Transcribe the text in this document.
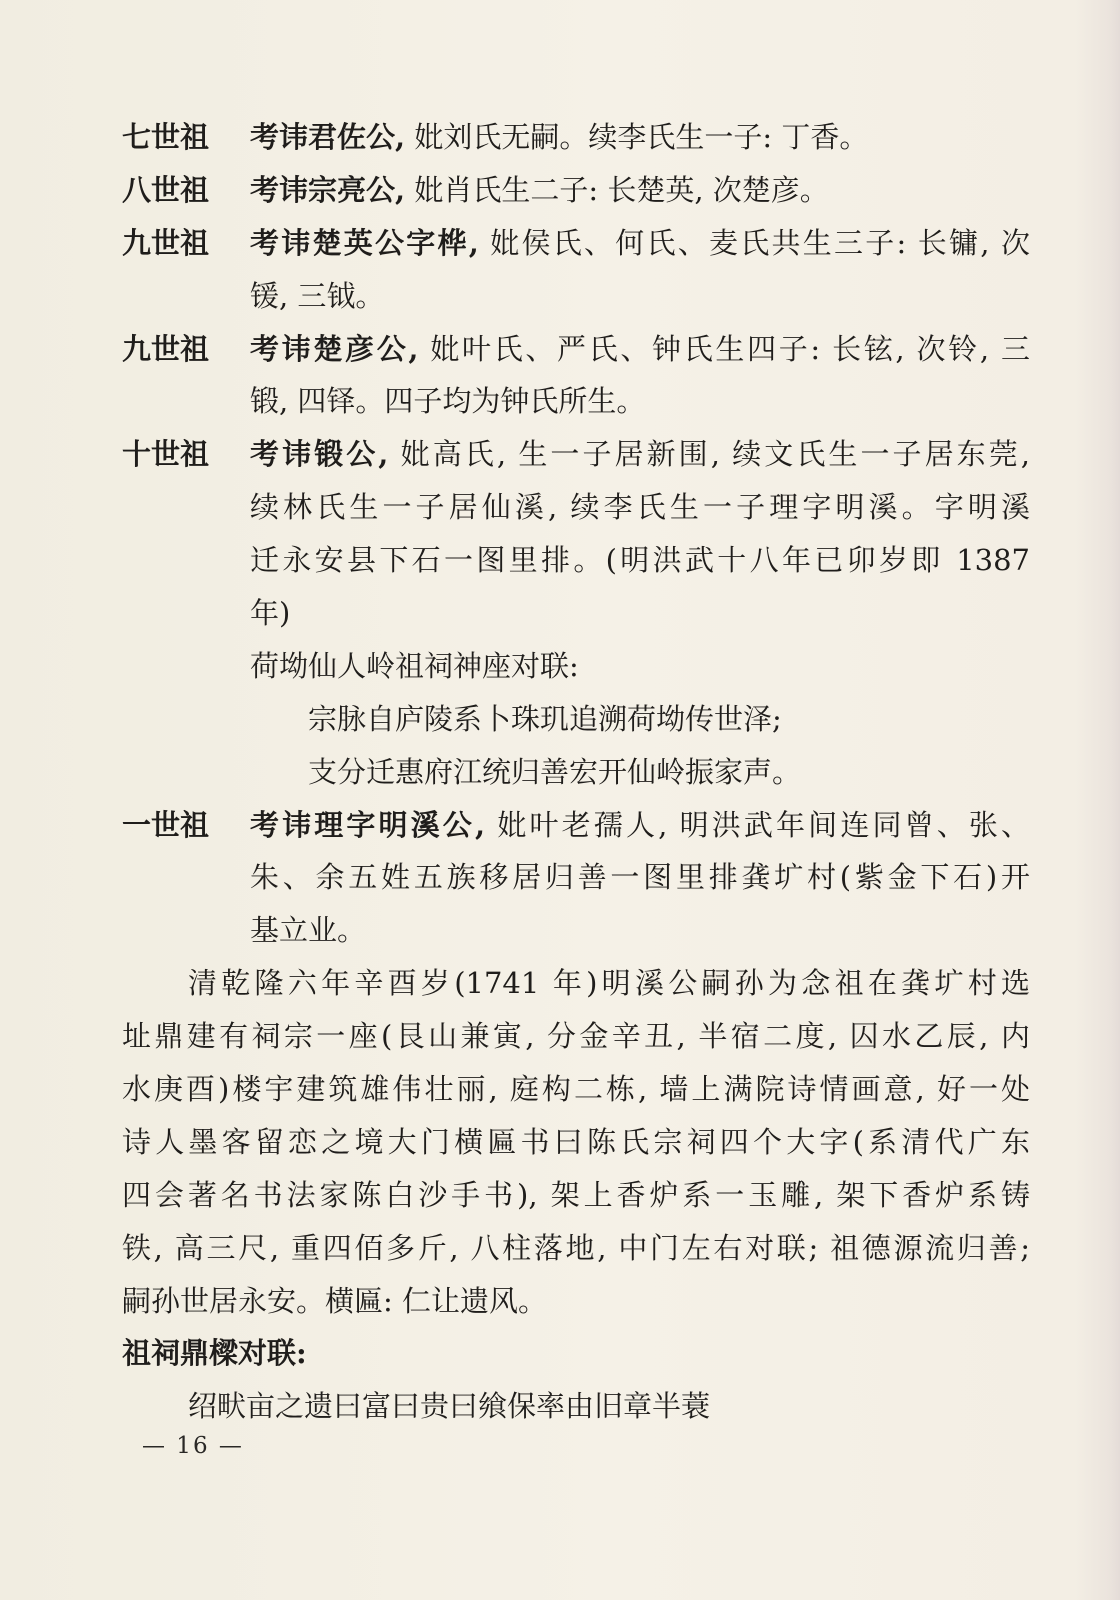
七世祖	考讳君佐公, 妣刘氏无嗣。续李氏生一子: 丁香。
八世祖	考讳宗亮公, 妣肖氏生二子: 长楚英, 次楚彦。
九世祖	考讳楚英公字桦, 妣侯氏、何氏、麦氏共生三子: 长镛, 次
锾, 三钺。
九世祖	考讳楚彦公, 妣叶氏、严氏、钟氏生四子: 长铉, 次铃, 三
锻, 四铎。四子均为钟氏所生。
十世祖	考讳锻公, 妣高氏, 生一子居新围, 续文氏生一子居东莞,
续林氏生一子居仙溪, 续李氏生一子理字明溪。字明溪
迁永安县下石一图里排。(明洪武十八年已卯岁即 1387
年)
荷坳仙人岭祖祠神座对联:
宗脉自庐陵系卜珠玑追溯荷坳传世泽;
支分迁惠府江统归善宏开仙岭振家声。
一世祖	考讳理字明溪公, 妣叶老孺人, 明洪武年间连同曾、张、
朱、余五姓五族移居归善一图里排龚圹村(紫金下石)开
基立业。
清乾隆六年辛酉岁(1741 年)明溪公嗣孙为念祖在龚圹村选
址鼎建有祠宗一座(艮山兼寅, 分金辛丑, 半宿二度, 囚水乙辰, 内
水庚酉)楼宇建筑雄伟壮丽, 庭构二栋, 墙上满院诗情画意, 好一处
诗人墨客留恋之境大门横匾书曰陈氏宗祠四个大字(系清代广东
四会著名书法家陈白沙手书), 架上香炉系一玉雕, 架下香炉系铸
铁, 高三尺, 重四佰多斤, 八柱落地, 中门左右对联; 祖德源流归善;
嗣孙世居永安。横匾: 仁让遗风。
祖祠鼎樑对联:
绍畎亩之遗曰富曰贵曰飨保率由旧章半蓑
— 16 —
